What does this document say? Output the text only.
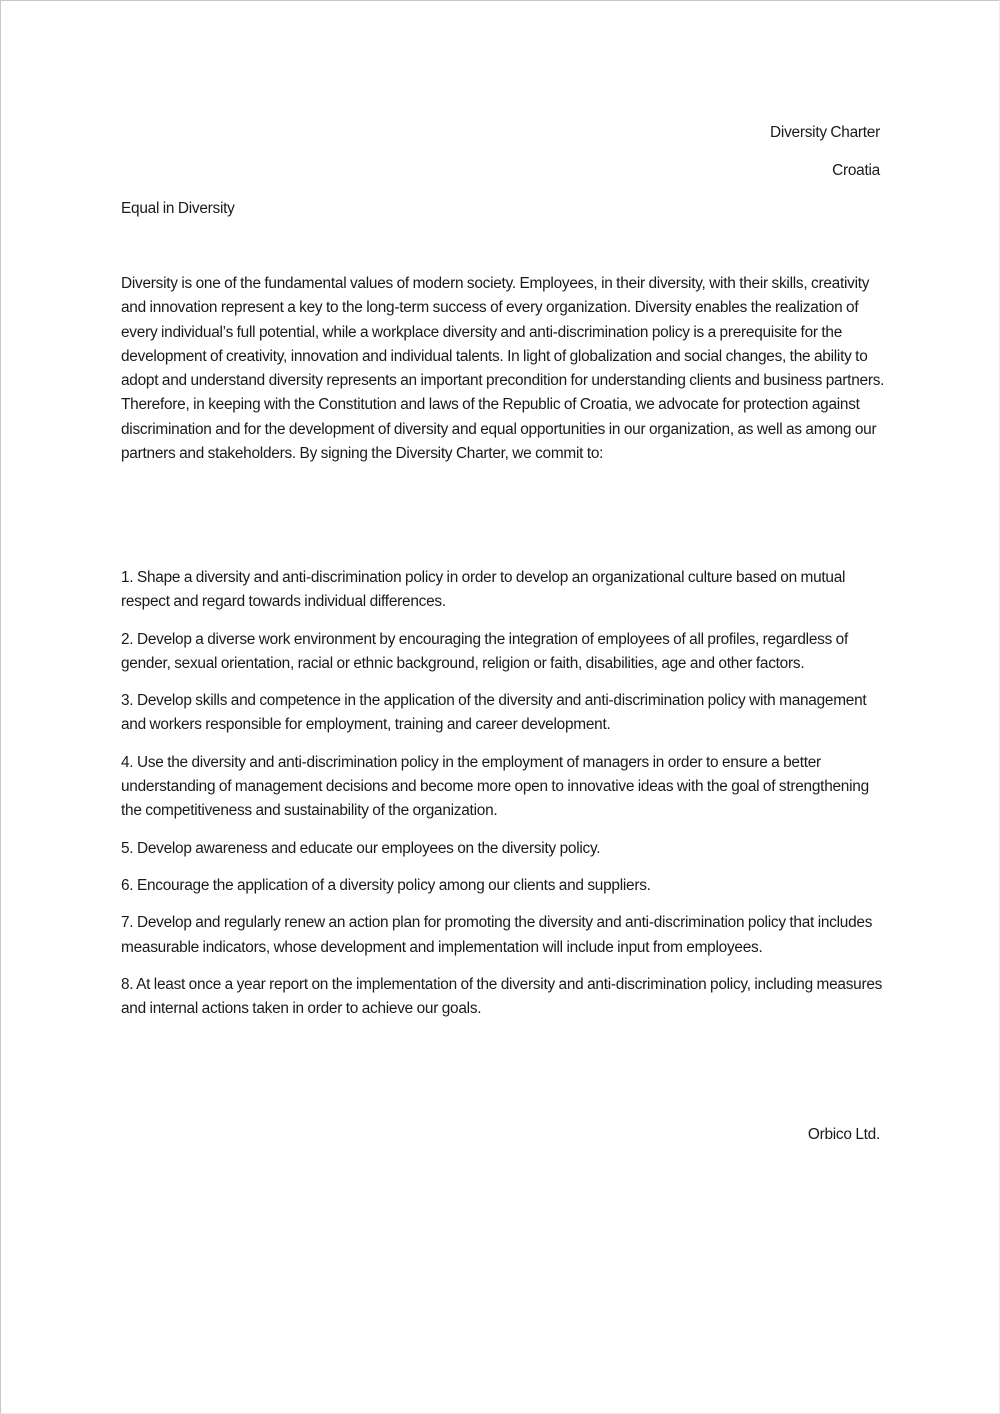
Diversity Charter
Croatia
Equal in Diversity

Diversity is one of the fundamental values of modern society. Employees, in their diversity, with their skills, creativity and innovation represent a key to the long-term success of every organization. Diversity enables the realization of every individual’s full potential, while a workplace diversity and anti-discrimination policy is a prerequisite for the development of creativity, innovation and individual talents. In light of globalization and social changes, the ability to adopt and understand diversity represents an important precondition for understanding clients and business partners. Therefore, in keeping with the Constitution and laws of the Republic of Croatia, we advocate for protection against discrimination and for the development of diversity and equal opportunities in our organization, as well as among our partners and stakeholders. By signing the Diversity Charter, we commit to:

1. Shape a diversity and anti-discrimination policy in order to develop an organizational culture based on mutual respect and regard towards individual differences.
2. Develop a diverse work environment by encouraging the integration of employees of all profiles, regardless of gender, sexual orientation, racial or ethnic background, religion or faith, disabilities, age and other factors.
3. Develop skills and competence in the application of the diversity and anti-discrimination policy with management and workers responsible for employment, training and career development.
4. Use the diversity and anti-discrimination policy in the employment of managers in order to ensure a better understanding of management decisions and become more open to innovative ideas with the goal of strengthening the competitiveness and sustainability of the organization.
5. Develop awareness and educate our employees on the diversity policy.
6. Encourage the application of a diversity policy among our clients and suppliers.
7. Develop and regularly renew an action plan for promoting the diversity and anti-discrimination policy that includes measurable indicators, whose development and implementation will include input from employees.
8. At least once a year report on the implementation of the diversity and anti-discrimination policy, including measures and internal actions taken in order to achieve our goals.
Orbico Ltd.
